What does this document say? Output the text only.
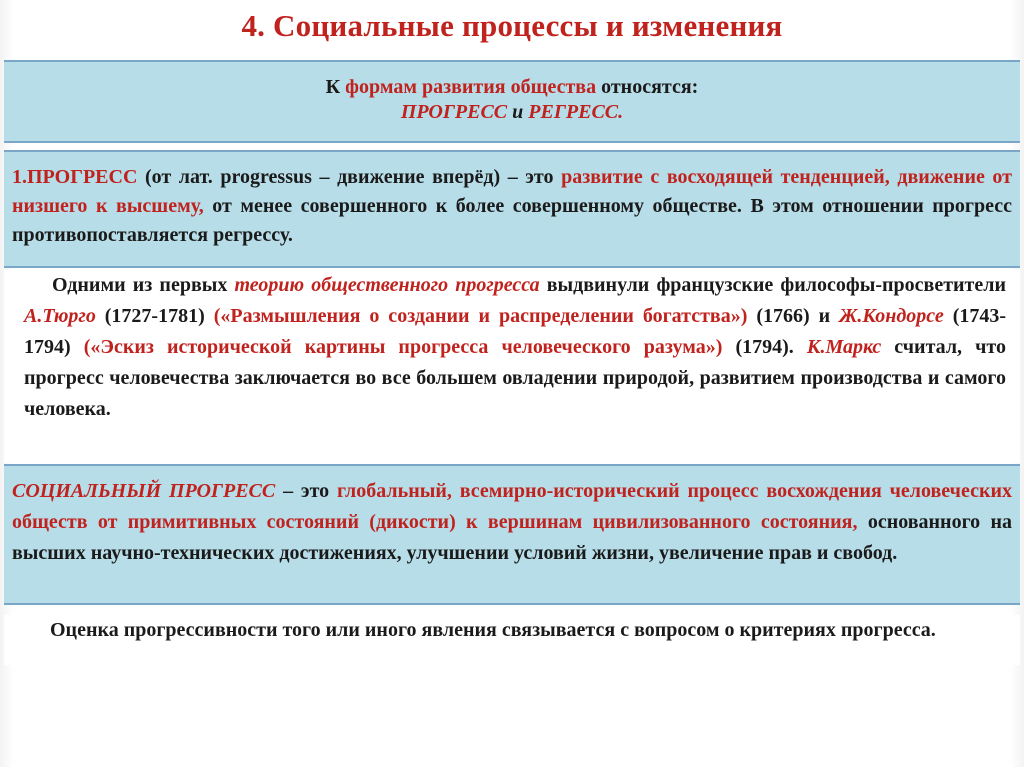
4. Социальные процессы и изменения
К формам развития общества относятся:
ПРОГРЕСС и РЕГРЕСС.
1.ПРОГРЕСС (от лат. progressus – движение вперёд) – это развитие с восходящей тенденцией, движение от низшего к высшему, от менее совершенного к более совершенному обществе. В этом отношении прогресс противопоставляется регрессу.
Одними из первых теорию общественного прогресса выдвинули французские философы-просветители А.Тюрго (1727-1781) («Размышления о создании и распределении богатства») (1766) и Ж.Кондорсе (1743-1794) («Эскиз исторической картины прогресса человеческого разума») (1794). К.Маркс считал, что прогресс человечества заключается во все большем овладении природой, развитием производства и самого человека.
СОЦИАЛЬНЫЙ ПРОГРЕСС – это глобальный, всемирно-исторический процесс восхождения человеческих обществ от примитивных состояний (дикости) к вершинам цивилизованного состояния, основанного на высших научно-технических достижениях, улучшении условий жизни, увеличение прав и свобод.
Оценка прогрессивности того или иного явления связывается с вопросом о критериях прогресса.
